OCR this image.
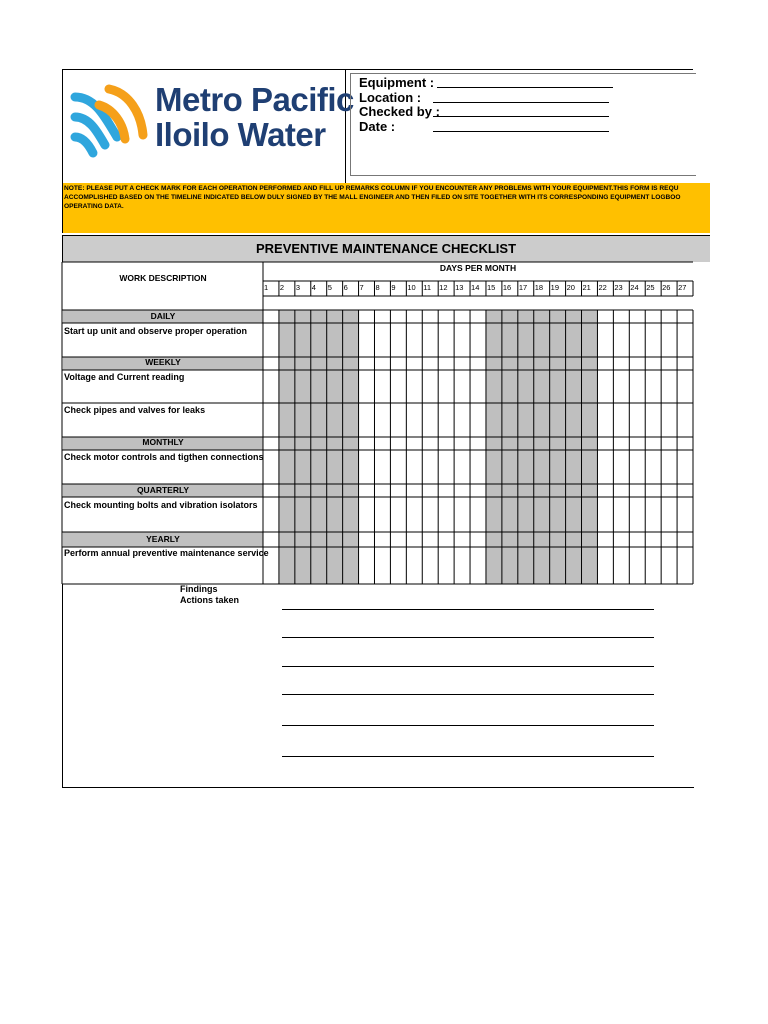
Metro Pacific
Iloilo Water
Equipment :
Location :
Checked by :
Date :
NOTE: PLEASE PUT A CHECK MARK FOR EACH OPERATION PERFORMED AND FILL UP REMARKS COLUMN IF YOU ENCOUNTER ANY PROBLEMS WITH YOUR EQUIPMENT.THIS FORM IS REQU ACCOMPLISHED BASED ON THE TIMELINE INDICATED BELOW DULY SIGNED BY THE MALL ENGINEER AND THEN FILED ON SITE TOGETHER WITH ITS CORRESPONDING EQUIPMENT LOGBOO OPERATING DATA.
PREVENTIVE MAINTENANCE CHECKLIST
WORK DESCRIPTION
DAYS PER MONTH
1 2 3 4 5 6 7 8 9 10 11 12 13 14 15 16 17 18 19 20 21 22 23 24 25 26 27
DAILY
Start up unit and observe proper operation
WEEKLY
Voltage and Current reading
Check pipes and valves for leaks
MONTHLY
Check motor controls and tigthen connections
QUARTERLY
Check mounting bolts and vibration isolators
YEARLY
Perform annual preventive maintenance service
Findings
Actions taken
